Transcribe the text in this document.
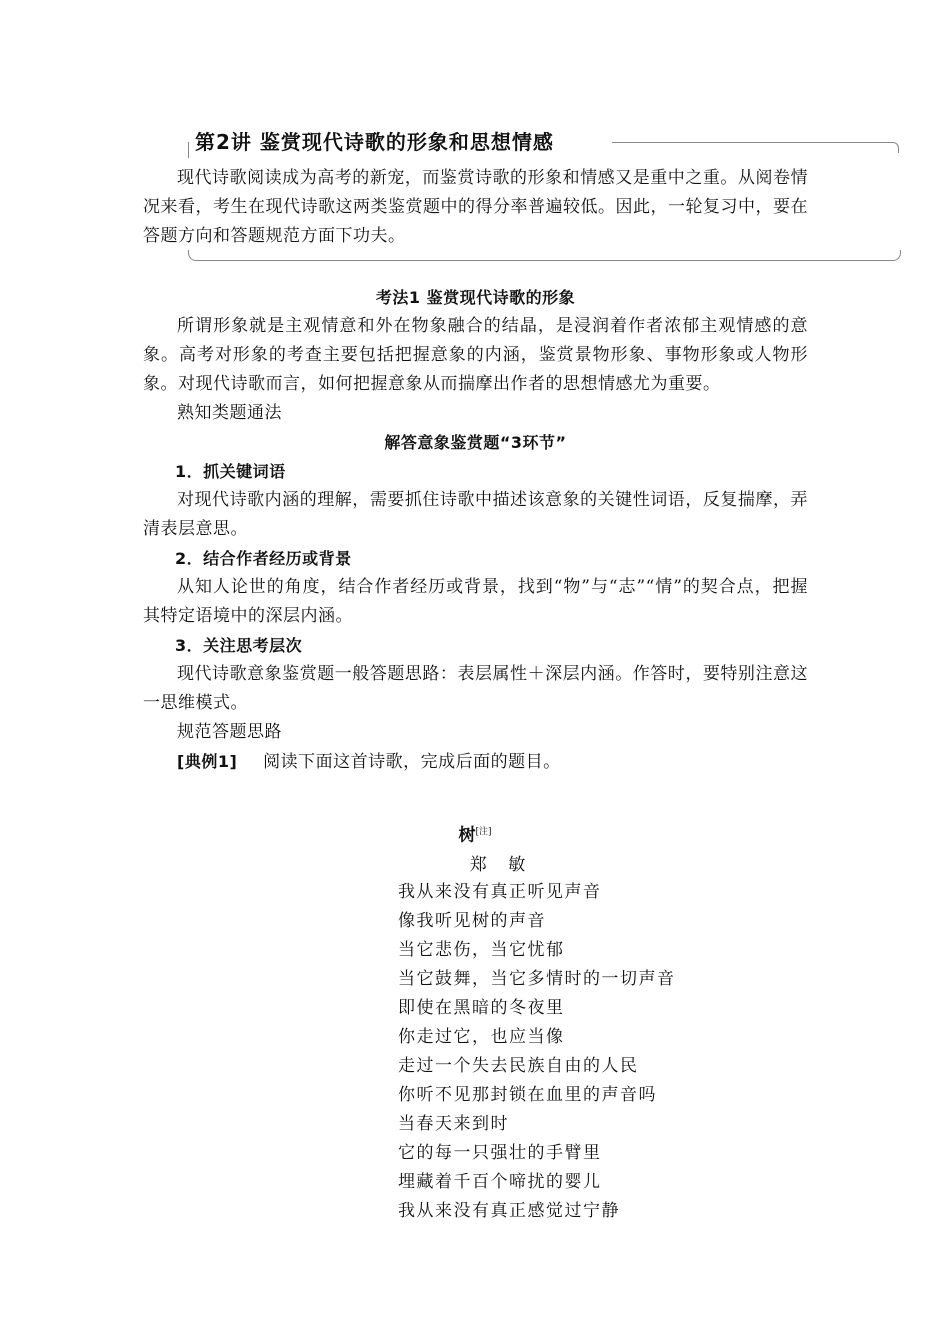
第2讲 鉴赏现代诗歌的形象和思想情感

现代诗歌阅读成为高考的新宠，而鉴赏诗歌的形象和情感又是重中之重。从阅卷情况来看，考生在现代诗歌这两类鉴赏题中的得分率普遍较低。因此，一轮复习中，要在答题方向和答题规范方面下功夫。

考法1 鉴赏现代诗歌的形象

所谓形象就是主观情意和外在物象融合的结晶，是浸润着作者浓郁主观情感的意象。高考对形象的考查主要包括把握意象的内涵，鉴赏景物形象、事物形象或人物形象。对现代诗歌而言，如何把握意象从而揣摩出作者的思想情感尤为重要。

熟知类题通法

解答意象鉴赏题“3环节”

1．抓关键词语

对现代诗歌内涵的理解，需要抓住诗歌中描述该意象的关键性词语，反复揣摩，弄清表层意思。

2．结合作者经历或背景

从知人论世的角度，结合作者经历或背景，找到“物”与“志”“情”的契合点，把握其特定语境中的深层内涵。

3．关注思考层次

现代诗歌意象鉴赏题一般答题思路：表层属性＋深层内涵。作答时，要特别注意这一思维模式。

规范答题思路

[典例1] 阅读下面这首诗歌，完成后面的题目。

树[注]
郑    敏
我从来没有真正听见声音
像我听见树的声音
当它悲伤，当它忧郁
当它鼓舞，当它多情时的一切声音
即使在黑暗的冬夜里
你走过它，也应当像
走过一个失去民族自由的人民
你听不见那封锁在血里的声音吗
当春天来到时
它的每一只强壮的手臂里
埋藏着千百个啼扰的婴儿
我从来没有真正感觉过宁静
